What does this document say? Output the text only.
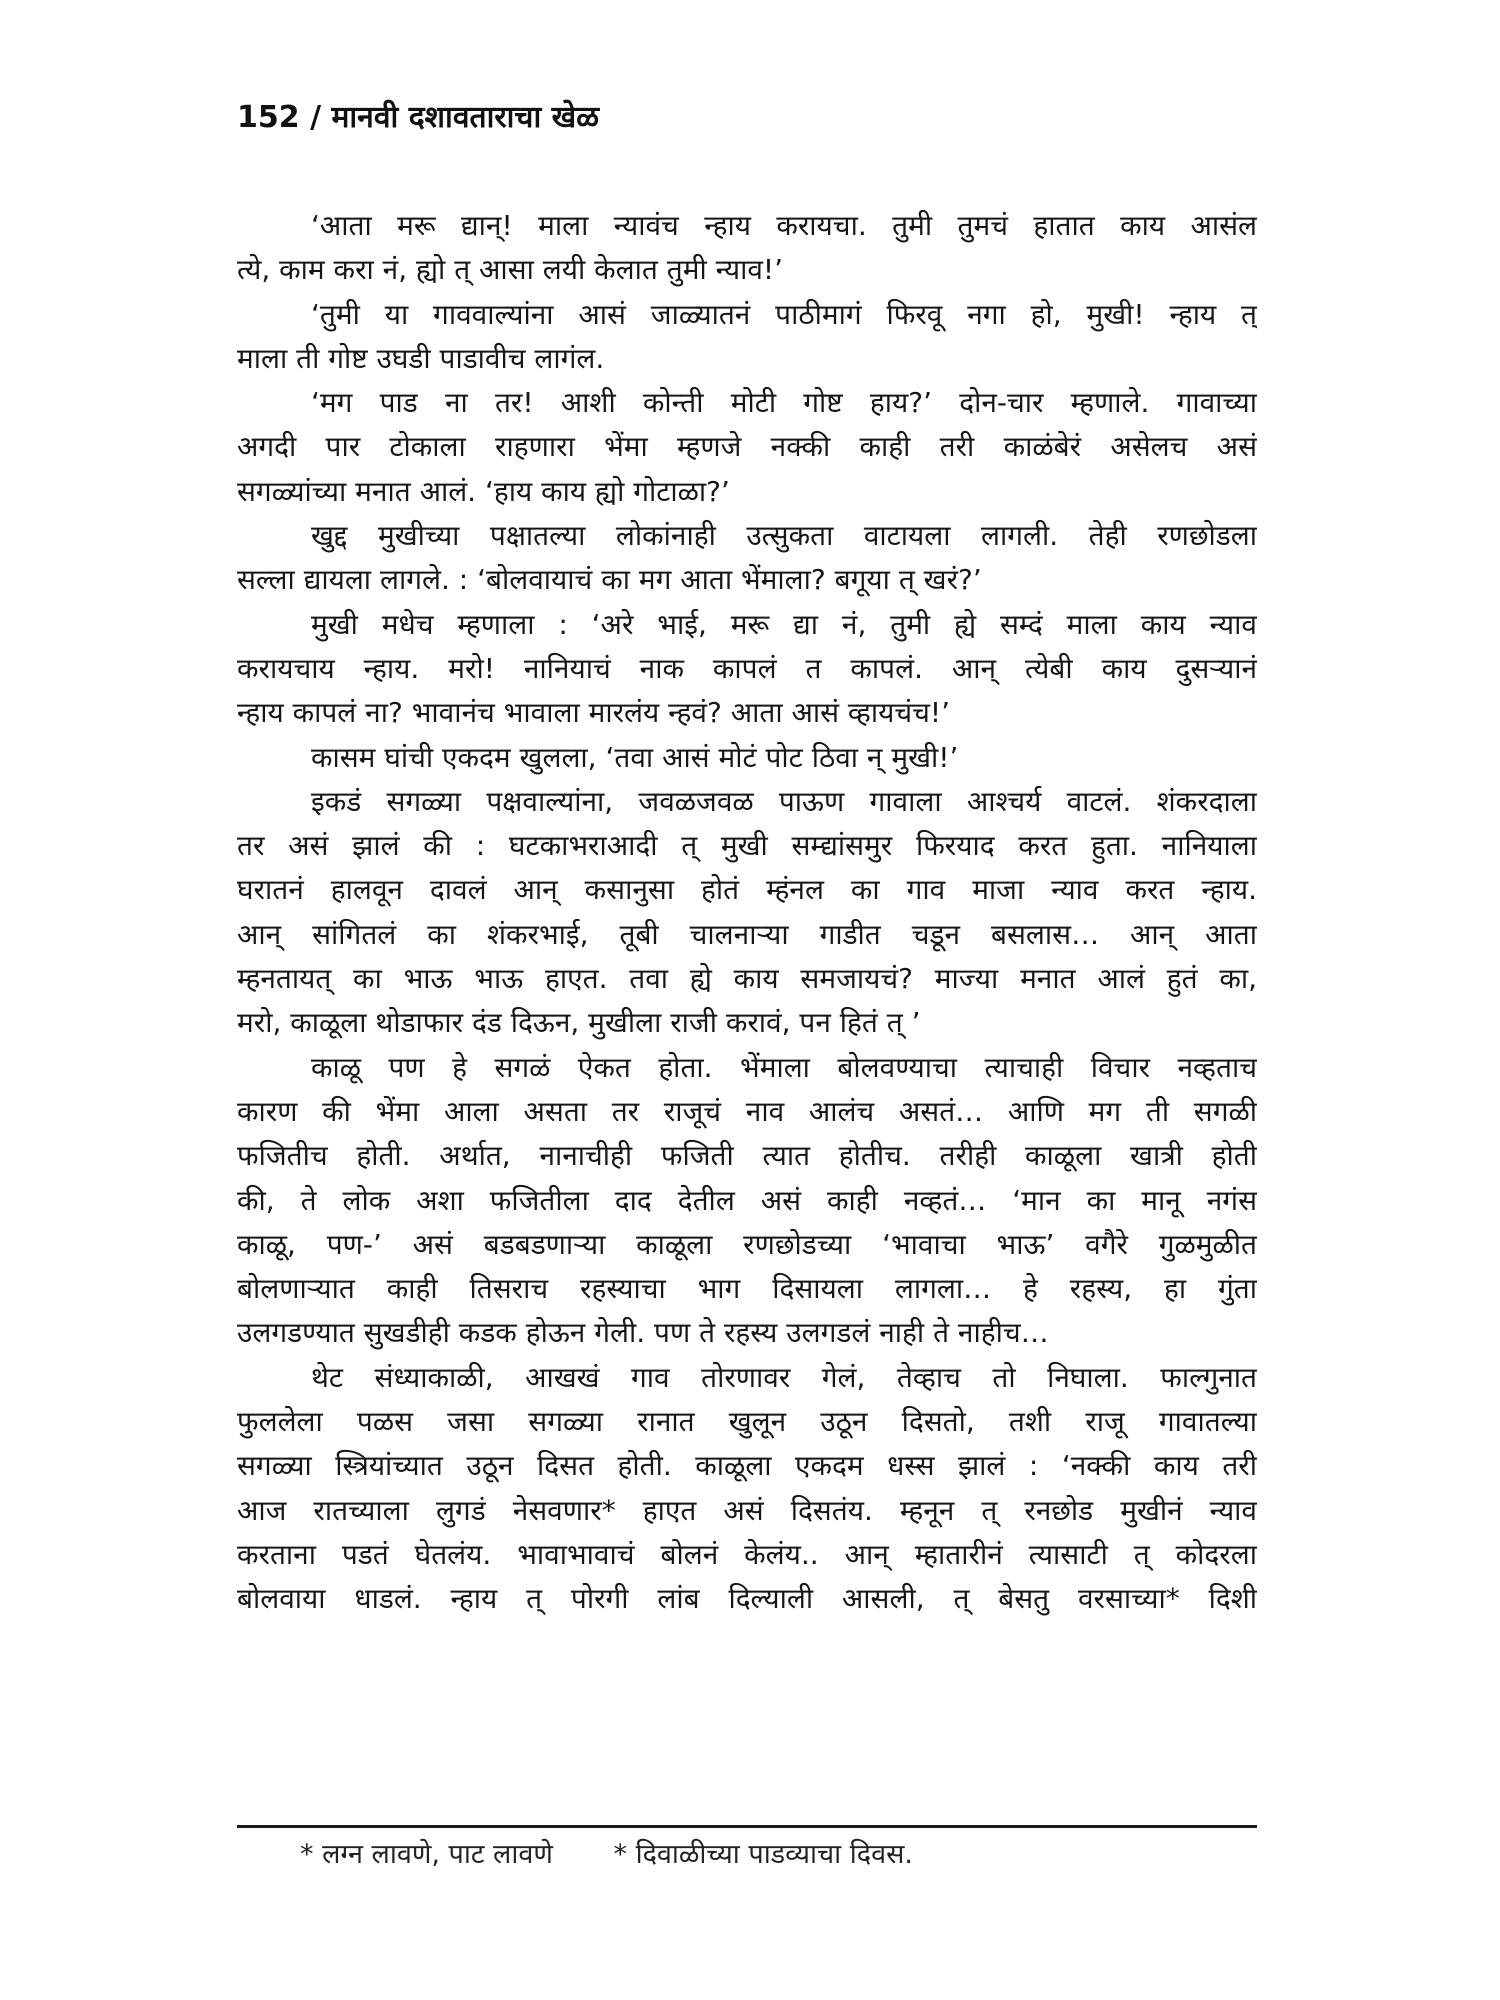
152 / मानवी दशावताराचा खेळ
‘आता मरू द्यान्! माला न्यावंच न्हाय करायचा. तुमी तुमचं हातात काय आसंल
त्ये, काम करा नं, ह्यो त् आसा लयी केलात तुमी न्याव!’
‘तुमी या गाववाल्यांना आसं जाळ्यातनं पाठीमागं फिरवू नगा हो, मुखी! न्हाय त्
माला ती गोष्ट उघडी पाडावीच लागंल.
‘मग पाड ना तर! आशी कोन्ती मोटी गोष्ट हाय?’ दोन-चार म्हणाले. गावाच्या
अगदी पार टोकाला राहणारा भेंमा म्हणजे नक्की काही तरी काळंबेरं असेलच असं
सगळ्यांच्या मनात आलं. ‘हाय काय ह्यो गोटाळा?’
खुद्द मुखीच्या पक्षातल्या लोकांनाही उत्सुकता वाटायला लागली. तेही रणछोडला
सल्ला द्यायला लागले. : ‘बोलवायाचं का मग आता भेंमाला? बगूया त् खरं?’
मुखी मधेच म्हणाला : ‘अरे भाई, मरू द्या नं, तुमी ह्ये सम्दं माला काय न्याव
करायचाय न्हाय. मरो! नानियाचं नाक कापलं त कापलं. आन् त्येबी काय दुसऱ्यानं
न्हाय कापलं ना? भावानंच भावाला मारलंय न्हवं? आता आसं व्हायचंच!’
कासम घांची एकदम खुलला, ‘तवा आसं मोटं पोट ठिवा न् मुखी!’
इकडं सगळ्या पक्षवाल्यांना, जवळजवळ पाऊण गावाला आश्चर्य वाटलं. शंकरदाला
तर असं झालं की : घटकाभराआदी त् मुखी सम्द्यांसमुर फिरयाद करत हुता. नानियाला
घरातनं हालवून दावलं आन् कसानुसा होतं म्हंनल का गाव माजा न्याव करत न्हाय.
आन् सांगितलं का शंकरभाई, तूबी चालनाऱ्या गाडीत चडून बसलास… आन् आता
म्हनतायत् का भाऊ भाऊ हाएत. तवा ह्ये काय समजायचं? माज्या मनात आलं हुतं का,
मरो, काळूला थोडाफार दंड दिऊन, मुखीला राजी करावं, पन हितं त् ’
काळू पण हे सगळं ऐकत होता. भेंमाला बोलवण्याचा त्याचाही विचार नव्हताच
कारण की भेंमा आला असता तर राजूचं नाव आलंच असतं… आणि मग ती सगळी
फजितीच होती. अर्थात, नानाचीही फजिती त्यात होतीच. तरीही काळूला खात्री होती
की, ते लोक अशा फजितीला दाद देतील असं काही नव्हतं… ‘मान का मानू नगंस
काळू, पण-’ असं बडबडणाऱ्या काळूला रणछोडच्या ‘भावाचा भाऊ’ वगैरे गुळमुळीत
बोलणाऱ्यात काही तिसराच रहस्याचा भाग दिसायला लागला… हे रहस्य, हा गुंता
उलगडण्यात सुखडीही कडक होऊन गेली. पण ते रहस्य उलगडलं नाही ते नाहीच…
थेट संध्याकाळी, आखखं गाव तोरणावर गेलं, तेव्हाच तो निघाला. फाल्गुनात
फुललेला पळस जसा सगळ्या रानात खुलून उठून दिसतो, तशी राजू गावातल्या
सगळ्या स्त्रियांच्यात उठून दिसत होती. काळूला एकदम धस्स झालं : ‘नक्की काय तरी
आज रातच्याला लुगडं नेसवणार* हाएत असं दिसतंय. म्हनून त् रनछोड मुखीनं न्याव
करताना पडतं घेतलंय. भावाभावाचं बोलनं केलंय.. आन् म्हातारीनं त्यासाटी त् कोदरला
बोलवाया धाडलं. न्हाय त् पोरगी लांब दिल्याली आसली, त् बेसतु वरसाच्या* दिशी
* लग्न लावणे, पाट लावणे * दिवाळीच्या पाडव्याचा दिवस.
